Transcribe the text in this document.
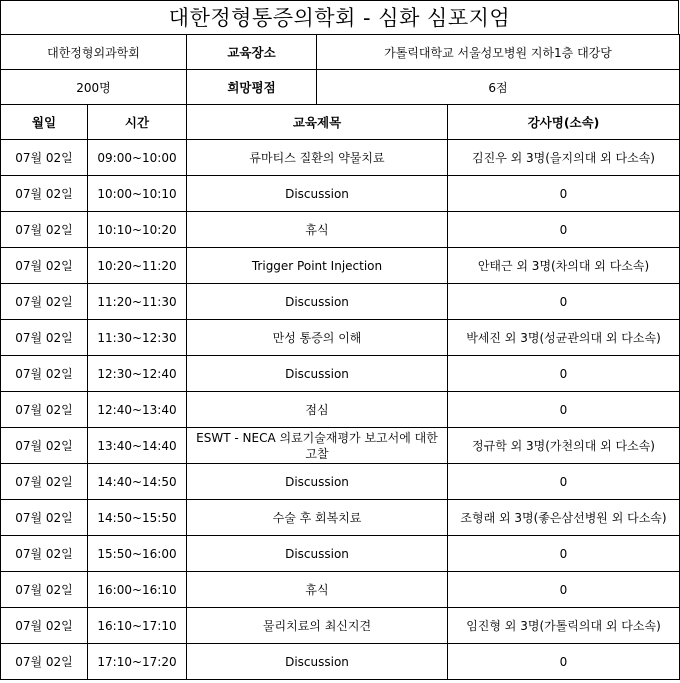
대한정형통증의학회 - 심화 심포지엄
대한정형외과학회	교육장소	가톨릭대학교 서울성모병원 지하1층 대강당
200명	희망평점	6점
월일	시간	교육제목	강사명(소속)
07월 02일	09:00~10:00	류마티스 질환의 약물치료	김진우 외 3명(을지의대 외 다소속)
07월 02일	10:00~10:10	Discussion	0
07월 02일	10:10~10:20	휴식	0
07월 02일	10:20~11:20	Trigger Point Injection	안태근 외 3명(차의대 외 다소속)
07월 02일	11:20~11:30	Discussion	0
07월 02일	11:30~12:30	만성 통증의 이해	박세진 외 3명(성균관의대 외 다소속)
07월 02일	12:30~12:40	Discussion	0
07월 02일	12:40~13:40	점심	0
07월 02일	13:40~14:40	ESWT - NECA 의료기술재평가 보고서에 대한 고찰	정규학 외 3명(가천의대 외 다소속)
07월 02일	14:40~14:50	Discussion	0
07월 02일	14:50~15:50	수술 후 회복치료	조형래 외 3명(좋은삼선병원 외 다소속)
07월 02일	15:50~16:00	Discussion	0
07월 02일	16:00~16:10	휴식	0
07월 02일	16:10~17:10	물리치료의 최신지견	임진형 외 3명(가톨릭의대 외 다소속)
07월 02일	17:10~17:20	Discussion	0
